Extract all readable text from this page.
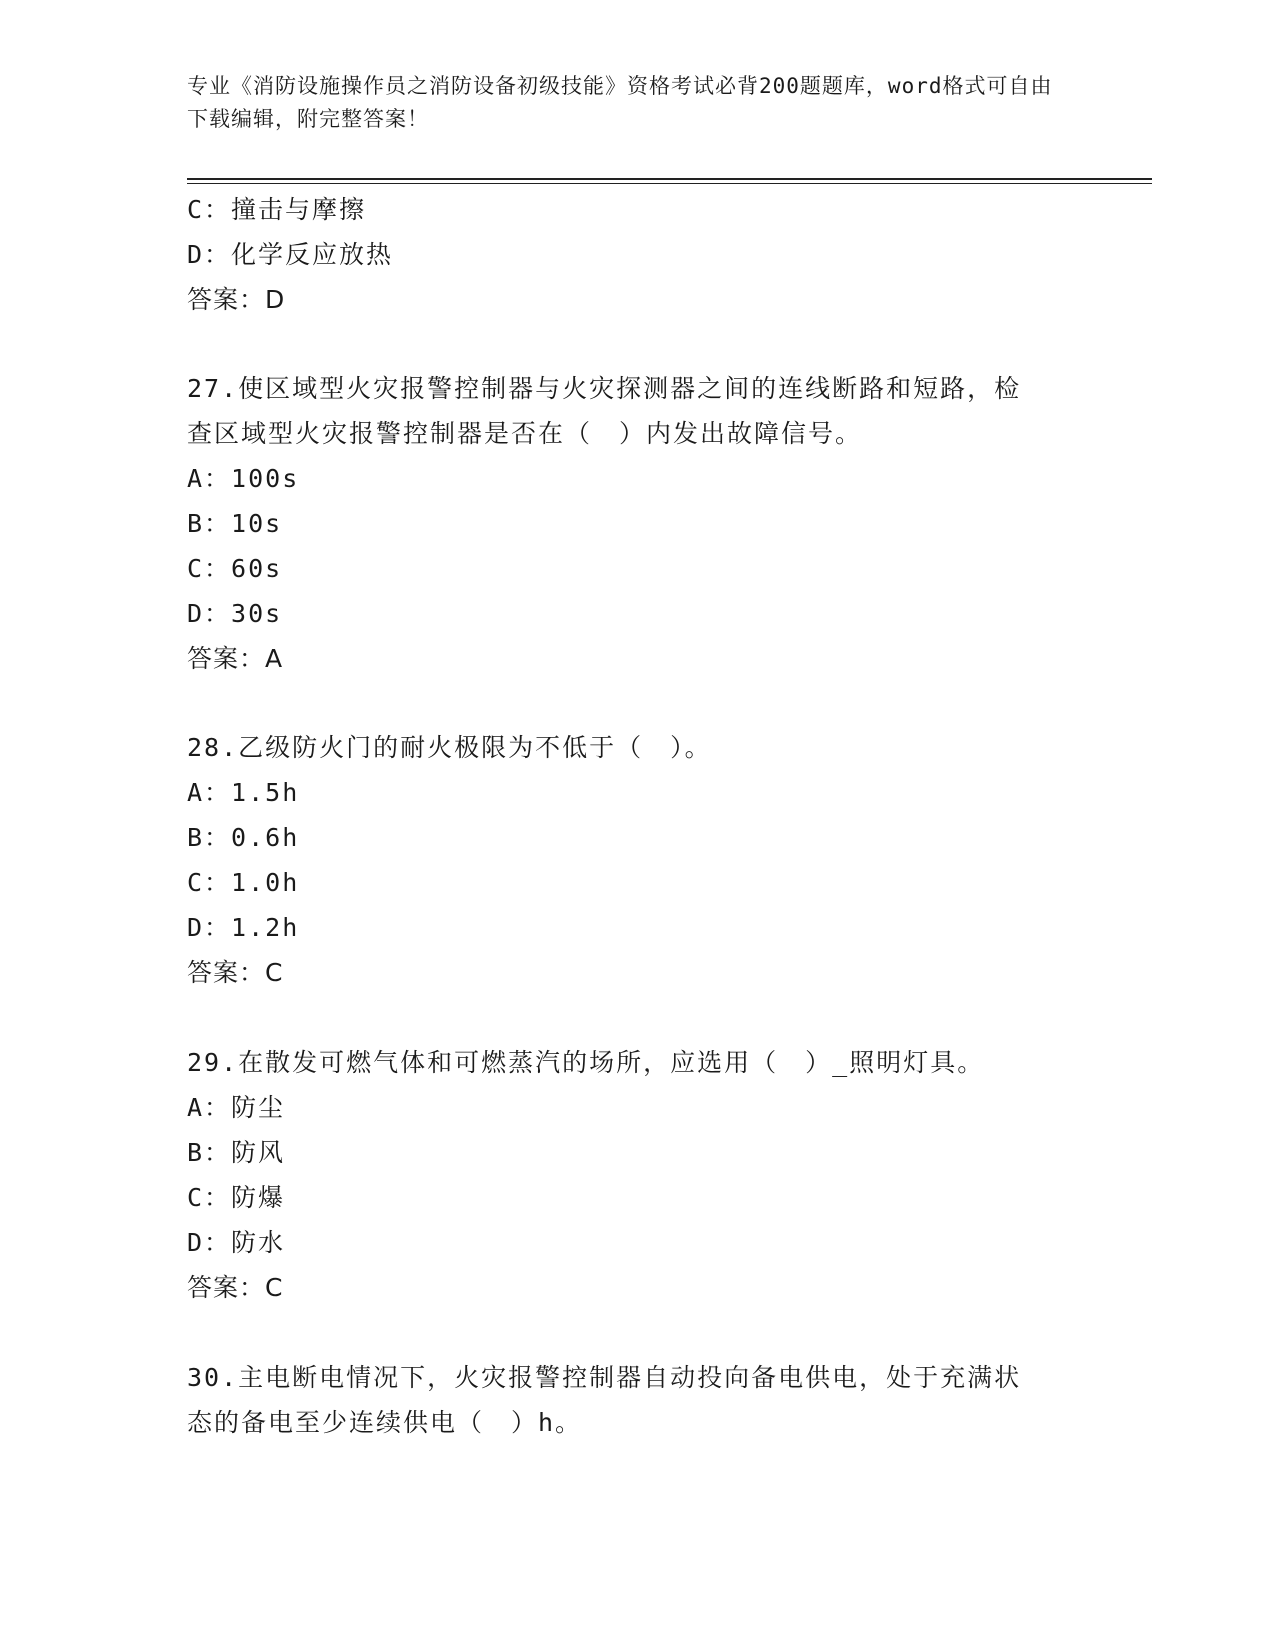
专业《消防设施操作员之消防设备初级技能》资格考试必背200题题库，word格式可自由下载编辑，附完整答案！
C：撞击与摩擦
D：化学反应放热
答案：D
27.使区域型火灾报警控制器与火灾探测器之间的连线断路和短路，检
查区域型火灾报警控制器是否在（　）内发出故障信号。
A：100s
B：10s
C：60s
D：30s
答案：A
28.乙级防火门的耐火极限为不低于（　）。
A：1.5h
B：0.6h
C：1.0h
D：1.2h
答案：C
29.在散发可燃气体和可燃蒸汽的场所，应选用（　）_照明灯具。
A：防尘
B：防风
C：防爆
D：防水
答案：C
30.主电断电情况下，火灾报警控制器自动投向备电供电，处于充满状
态的备电至少连续供电（　）h。
